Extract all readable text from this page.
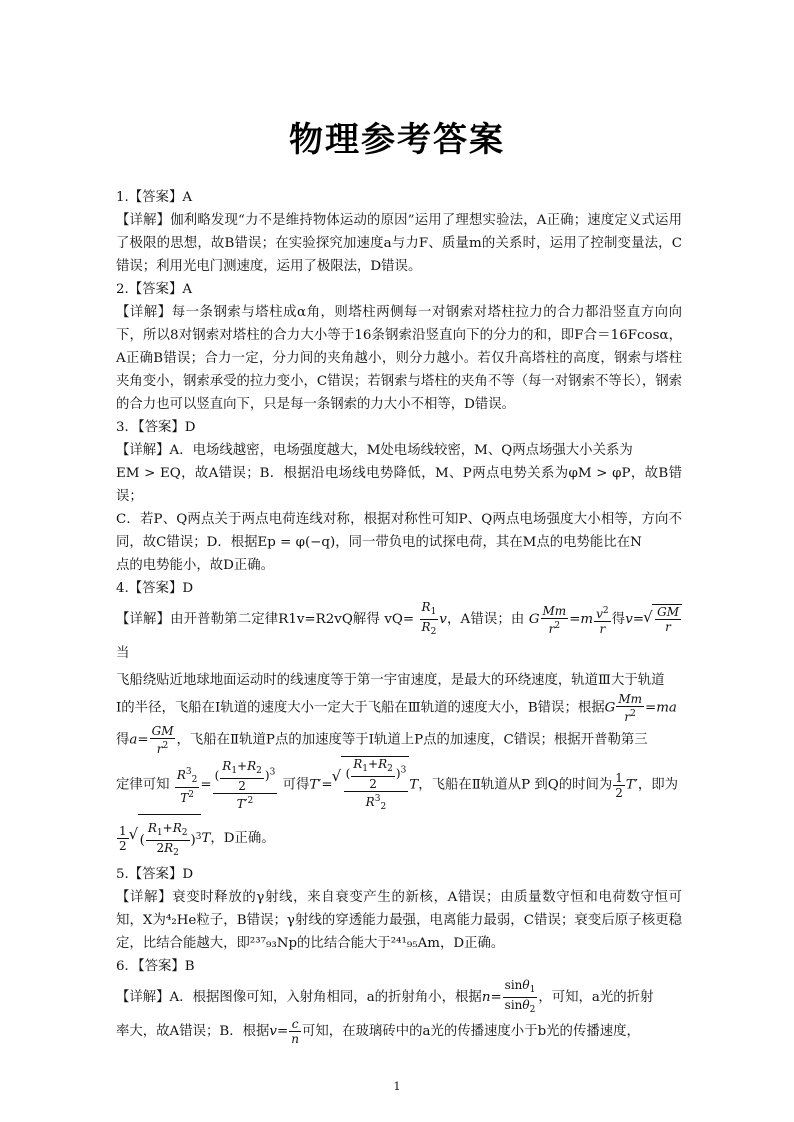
物理参考答案

1.【答案】A

【详解】伽利略发现“力不是维持物体运动的原因”运用了理想实验法，A正确；速度定义式运用了极限的思想，故B错误；在实验探究加速度a与力F、质量m的关系时，运用了控制变量法，C错误；利用光电门测速度，运用了极限法，D错误。

2.【答案】A

【详解】每一条钢索与塔柱成α角，则塔柱两侧每一对钢索对塔柱拉力的合力都沿竖直方向向下，所以8对钢索对塔柱的合力大小等于16条钢索沿竖直向下的分力的和，即F合＝16Fcosα，A正确B错误；合力一定，分力间的夹角越小，则分力越小。若仅升高塔柱的高度，钢索与塔柱夹角变小，钢索承受的拉力变小，C错误；若钢索与塔柱的夹角不等（每一对钢索不等长），钢索的合力也可以竖直向下，只是每一条钢索的力大小不相等，D错误。

3．【答案】D

【详解】A．电场线越密，电场强度越大，M处电场线较密，M、Q两点场强大小关系为

EM > EQ，故A错误；B．根据沿电场线电势降低，M、P两点电势关系为φM > φP，故B错误；

C．若P、Q两点关于两点电荷连线对称，根据对称性可知P、Q两点电场强度大小相等，方向不同，故C错误；D．根据Ep = φ(−q)，同一带负电的试探电荷，其在M点的电势能比在N

点的电势能小，故D正确。

4.【答案】D

【详解】由开普勒第二定律R1v=R2vQ解得 $vQ= \frac{R_1}{R_2}$ v，A错误；由 G $\frac{Mm}{r^2} =m \frac{v^2}{r}$ 得v= √ $\frac{GM}{r}$
当

飞船绕贴近地球地面运动时的线速度等于第一宇宙速度，是最大的环绕速度，轨道Ⅲ大于轨道

Ⅰ的半径，飞船在Ⅰ轨道的速度大小一定大于飞船在Ⅲ轨道的速度大小，B错误；根据G $\frac{Mm}{r^2} =ma$

得$a= \frac{GM}{r^2}$ ，飞船在Ⅱ轨道P点的加速度等于Ⅰ轨道上P点的加速度，C错误；根据开普勒第三

定律可知 $\frac{R^3_2}{T^2} = \frac{( \frac{R_1+R_2}{2} )^3}{T'^2}$ 可得T′= √ $\frac{( \frac{R_1+R_2}{2} )^3}{R^3_2}$ T，飞船在Ⅱ轨道从P 到Q的时间为 $\frac{1}{2} T'$，即为

$\frac{1}{2}$ √ ( $\frac{R_1+R_2}{2R_2} )^3T$，D正确。

5.【答案】D

【详解】衰变时释放的γ射线，来自衰变产生的新核，A错误；由质量数守恒和电荷数守恒可知，X为⁴₂He粒子，B错误；γ射线的穿透能力最强，电离能力最弱，C错误；衰变后原子核更稳定，比结合能越大，即²³⁷₉₃Np的比结合能大于²⁴¹₉₅Am，D正确。

6．【答案】B

【详解】A．根据图像可知，入射角相同，a的折射角小，根据$n= \frac{\sin\theta_1}{\sin\theta_2}$ ，可知，a光的折射

率大，故A错误；B．根据$v= \frac{c}{n}$ 可知，在玻璃砖中的a光的传播速度小于b光的传播速度，

1
